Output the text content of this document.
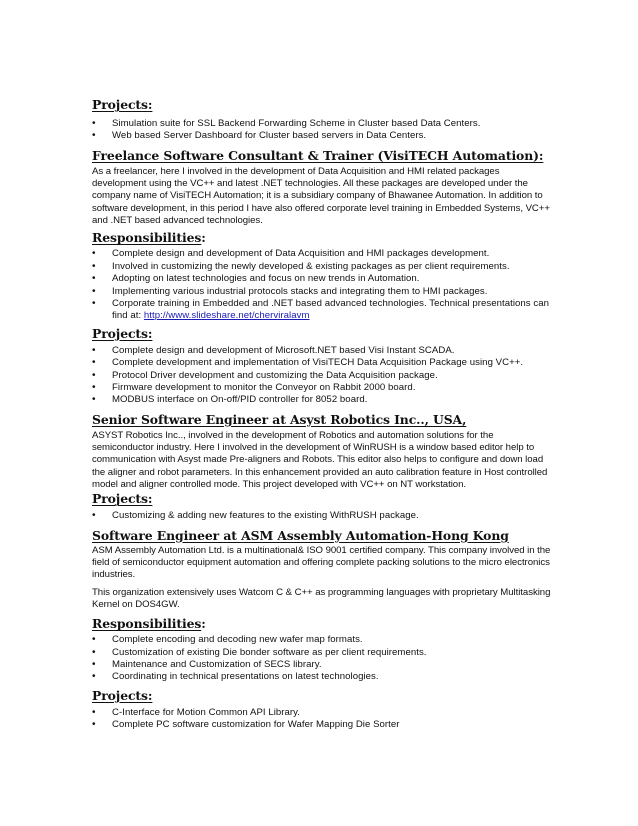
Projects:
• Simulation suite for SSL Backend Forwarding Scheme in Cluster based Data Centers.
• Web based Server Dashboard for Cluster based servers in Data Centers.
Freelance Software Consultant & Trainer (VisiTECH Automation):

As a freelancer, here I involved in the development of Data Acquisition and HMI related packages development using the VC++ and latest .NET technologies. All these packages are developed under the company name of VisiTECH Automation; it is a subsidiary company of Bhawanee Automation. In addition to software development, in this period I have also offered corporate level training in Embedded Systems, VC++ and .NET based advanced technologies.

Responsibilities:
• Complete design and development of Data Acquisition and HMI packages development.
• Involved in customizing the newly developed & existing packages as per client requirements.
• Adopting on latest technologies and focus on new trends in Automation.
• Implementing various industrial protocols stacks and integrating them to HMI packages.
• Corporate training in Embedded and .NET based advanced technologies. Technical presentations can find at: http://www.slideshare.net/cherviralavm
Projects:
• Complete design and development of Microsoft.NET based Visi Instant SCADA.
• Complete development and implementation of VisiTECH Data Acquisition Package using VC++.
• Protocol Driver development and customizing the Data Acquisition package.
• Firmware development to monitor the Conveyor on Rabbit 2000 board.
• MODBUS interface on On-off/PID controller for 8052 board.
Senior Software Engineer at Asyst Robotics Inc.., USA,

ASYST Robotics Inc.., involved in the development of Robotics and automation solutions for the semiconductor industry. Here I involved in the development of WinRUSH is a window based editor help to communication with Asyst made Pre-aligners and Robots. This editor also helps to configure and down load the aligner and robot parameters. In this enhancement provided an auto calibration feature in Host controlled model and aligner controlled mode. This project developed with VC++ on NT workstation.

Projects:
• Customizing & adding new features to the existing WithRUSH package.
Software Engineer at ASM Assembly Automation-Hong Kong

ASM Assembly Automation Ltd. is a multinational& ISO 9001 certified company. This company involved in the field of semiconductor equipment automation and offering complete packing solutions to the micro electronics industries.

This organization extensively uses Watcom C & C++ as programming languages with proprietary Multitasking Kernel on DOS4GW.

Responsibilities:
• Complete encoding and decoding new wafer map formats.
• Customization of existing Die bonder software as per client requirements.
• Maintenance and Customization of SECS library.
• Coordinating in technical presentations on latest technologies.
Projects:
• C-Interface for Motion Common API Library.
• Complete PC software customization for Wafer Mapping Die Sorter
